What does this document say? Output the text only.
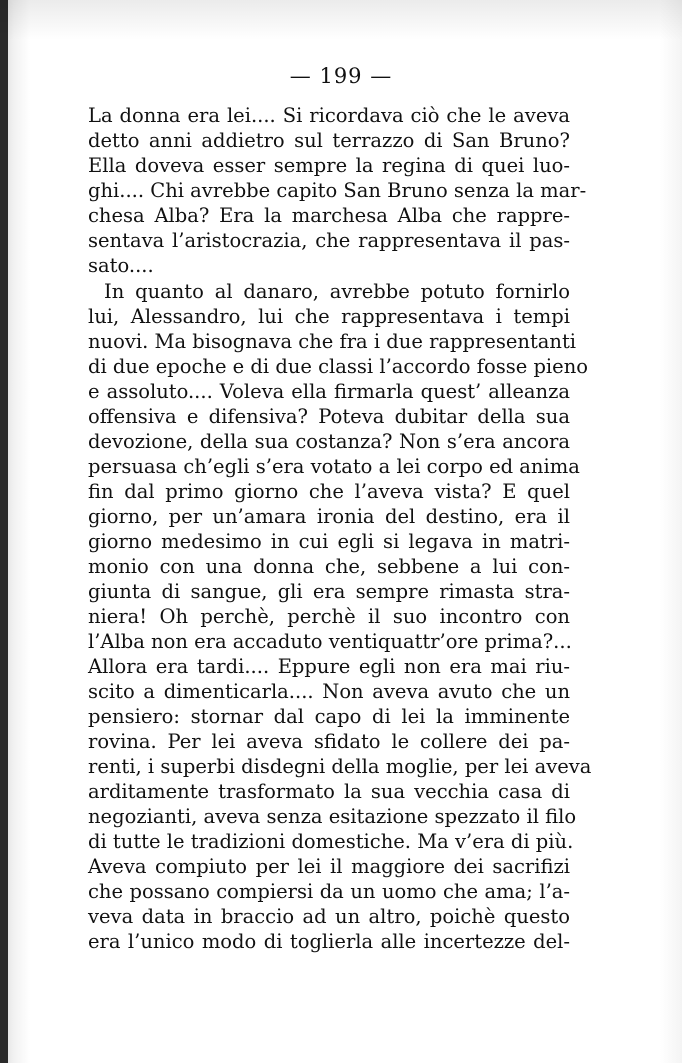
— 199 —
La donna era lei.... Si ricordava ciò che le aveva
detto anni addietro sul terrazzo di San Bruno?
Ella doveva esser sempre la regina di quei luo-
ghi.... Chi avrebbe capito San Bruno senza la mar-
chesa Alba? Era la marchesa Alba che rappre-
sentava l’aristocrazia, che rappresentava il pas-
sato....
In quanto al danaro, avrebbe potuto fornirlo
lui, Alessandro, lui che rappresentava i tempi
nuovi. Ma bisognava che fra i due rappresentanti
di due epoche e di due classi l’accordo fosse pieno
e assoluto.... Voleva ella firmarla quest’ alleanza
offensiva e difensiva? Poteva dubitar della sua
devozione, della sua costanza? Non s’era ancora
persuasa ch’egli s’era votato a lei corpo ed anima
fin dal primo giorno che l’aveva vista? E quel
giorno, per un’amara ironia del destino, era il
giorno medesimo in cui egli si legava in matri-
monio con una donna che, sebbene a lui con-
giunta di sangue, gli era sempre rimasta stra-
niera! Oh perchè, perchè il suo incontro con
l’Alba non era accaduto ventiquattr’ore prima?...
Allora era tardi.... Eppure egli non era mai riu-
scito a dimenticarla.... Non aveva avuto che un
pensiero: stornar dal capo di lei la imminente
rovina. Per lei aveva sfidato le collere dei pa-
renti, i superbi disdegni della moglie, per lei aveva
arditamente trasformato la sua vecchia casa di
negozianti, aveva senza esitazione spezzato il filo
di tutte le tradizioni domestiche. Ma v’era di più.
Aveva compiuto per lei il maggiore dei sacrifizi
che possano compiersi da un uomo che ama; l’a-
veva data in braccio ad un altro, poichè questo
era l’unico modo di toglierla alle incertezze del-
